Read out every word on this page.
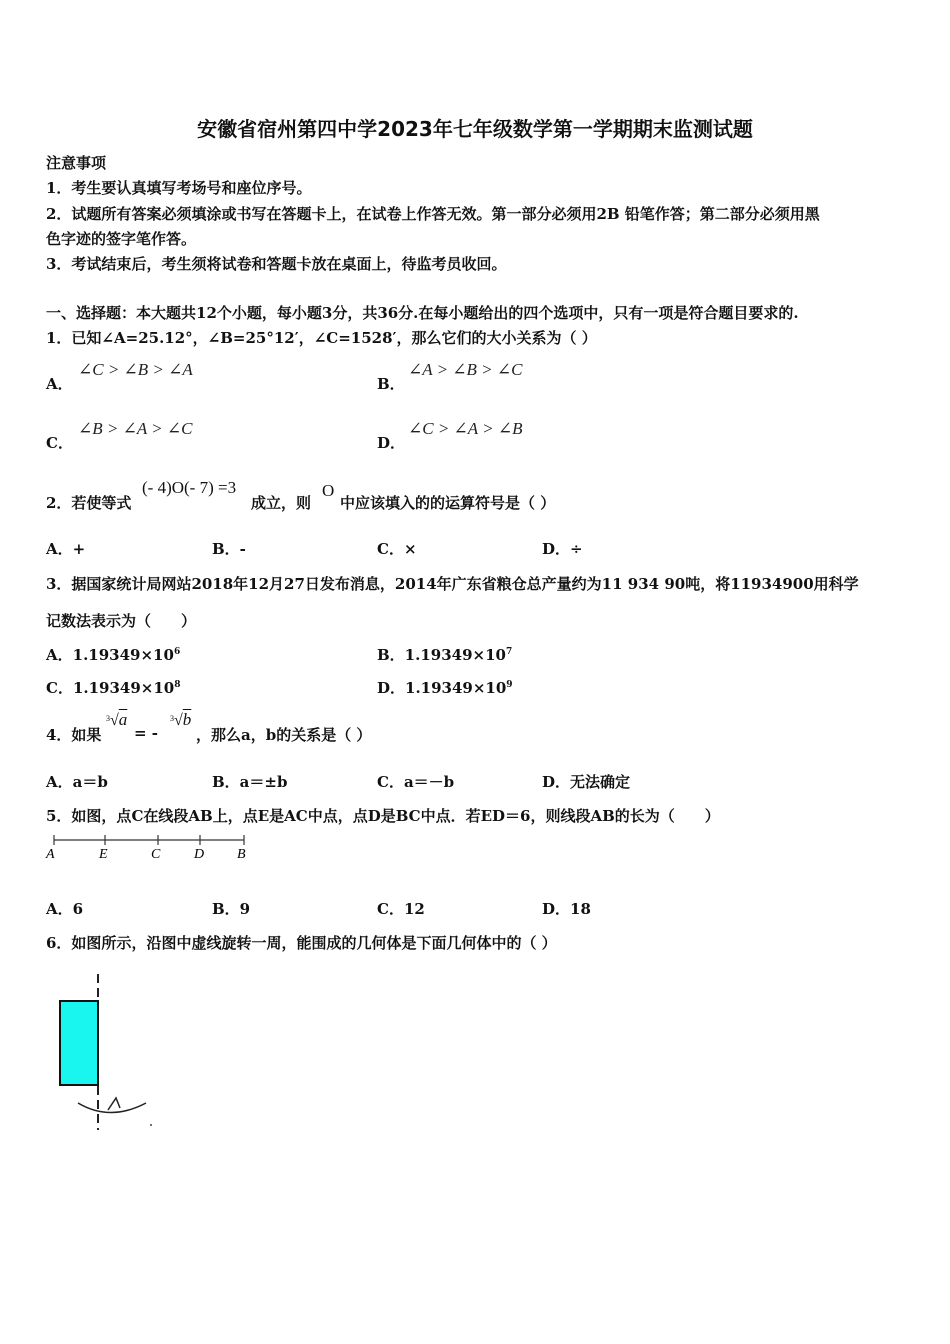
安徽省宿州第四中学2023年七年级数学第一学期期末监测试题
注意事项
1．考生要认真填写考场号和座位序号。
2．试题所有答案必须填涂或书写在答题卡上，在试卷上作答无效。第一部分必须用2B 铅笔作答；第二部分必须用黑
色字迹的签字笔作答。
3．考试结束后，考生须将试卷和答题卡放在桌面上，待监考员收回。
一、选择题：本大题共12个小题，每小题3分，共36分.在每小题给出的四个选项中，只有一项是符合题目要求的.
1．已知∠A=25.12°，∠B=25°12′，∠C=1528′，那么它们的大小关系为（ ）
A．
∠C > ∠B > ∠A
B．
∠A > ∠B > ∠C
C．
∠B > ∠A > ∠C
D．
∠C > ∠A > ∠B
2．若使等式
(- 4)O(- 7) =3
成立，则
O
中应该填入的的运算符号是（ ）
A．+	B．-	C．×	D．÷
3．据国家统计局网站2018年12月27日发布消息，2014年广东省粮仓总产量约为11 934 90吨，将11934900用科学
记数法表示为（　　）
A．$1.19349\times 10^6$	B．$1.19349\times 10^7$
C．$1.19349\times 10^8$	D．$1.19349\times 10^9$
4．如果
$^3$√a
= -
$^3$√b
，那么a，b的关系是（ ）
A．a＝b	B．a＝±b	C．a＝－b	D．无法确定
5．如图，点C在线段AB上，点E是AC中点，点D是BC中点．若ED＝6，则线段AB的长为（　　）
A	E	C D B
A．6	B．9	C．12	D．18
6．如图所示，沿图中虚线旋转一周，能围成的几何体是下面几何体中的（ ）
